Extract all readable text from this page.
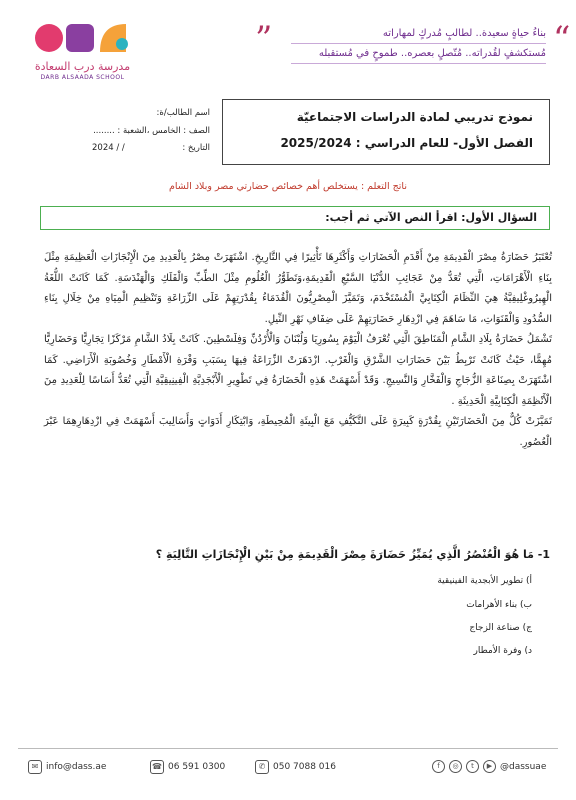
مدرسة درب السعادة
DARB ALSAADA SCHOOL
”	“
بناءُ حياةٍ سعيدة.. لطالبٍ مُدركٍ لمهاراته
مُستكشفٍ لقُدراته.. مُتّصلٍ بعصره.. طموحٍ في مُستقبله
اسم الطالب/ة:
الصف : الخامس ،الشعبة : ........
التاريخ :
2024 / /
نموذج تدريبي لمادة الدراسات الاجتماعيّة
الفصل الأول- للعام الدراسي : 2025/2024
ناتج التعلم : يستخلص أهم خصائص حضارتي مصر وبلاد الشام
السؤال الأول: اقرأ النص الآتي ثم أجب:

تُعْتَبَرُ حَضَارَةُ مِصْرَ الْقَدِيمَةِ مِنْ أَقْدَمِ الْحَضَارَاتِ وَأَكْثَرِهَا تَأْثِيرًا فِي التَّارِيخِ. اشْتَهَرَتْ مِصْرُ بِالْعَدِيدِ مِنَ الْإِنْجَازَاتِ الْعَظِيمَةِ مِثْلَ بِنَاءِ الْأَهْرَامَاتِ، الَّتِي تُعَدُّ مِنْ عَجَائِبِ الدُّنْيَا السَّبْعِ الْقَدِيمَةِ،وَتَطَوُّرُ الْعُلُومِ مِثْلَ الطِّبِّ وَالْفَلَكِ وَالْهَنْدَسَةِ. كَمَا كَانَتْ اللُّغَةُ الْهِيرُوغْلِيفِيَّةُ هِيَ النِّظَامَ الْكِتَابِيَّ الْمُسْتَخْدَمَ، وَتَمَيَّزَ الْمِصْرِيُّونَ الْقُدَمَاءُ بِقُدْرَتِهِمْ عَلَى الزِّرَاعَةِ وَتَنْظِيمِ الْمِيَاهِ مِنْ خِلَالِ بِنَاءِ السُّدُودِ وَالْقَنَوَاتِ، مَا سَاهَمَ فِي ازْدِهَارِ حَضَارَتِهِمْ عَلَى ضِفَافِ نَهْرِ النِّيلِ.

تَشْمَلُ حَضَارَةُ بِلَادِ الشَّامِ الْمَنَاطِقَ الَّتِي تُعْرَفُ الْيَوْمَ بِسُورِيَا وَلُبْنَانَ وَالْأُرْدُنِّ وَفِلَسْطِينَ. كَانَتْ بِلَادُ الشَّامِ مَرْكَزًا تِجَارِيًّا وَحَضَارِيًّا مُهِمًّا، حَيْثُ كَانَتْ تَرْبِطُ بَيْنَ حَضَارَاتِ الشَّرْقِ وَالْغَرْبِ. ازْدَهَرَتْ الزِّرَاعَةُ فِيهَا بِسَبَبِ وَفْرَةِ الْأَمْطَارِ وَخُصُوبَةِ الْأَرَاضِي. كَمَا اشْتَهَرَتْ بِصِنَاعَةِ الزُّجَاجِ وَالْفَخَّارِ وَالنَّسِيجِ. وَقَدْ أَسْهَمَتْ هَذِهِ الْحَضَارَةُ فِي تَطْوِيرِ الْأَبْجَدِيَّةِ الْفِينِيقِيَّةِ الَّتِي تُعَدُّ أَسَاسًا لِلْعَدِيدِ مِنَ الْأَنْظِمَةِ الْكِتَابِيَّةِ الْحَدِيثَةِ .

تَمَيَّزَتْ كُلٌّ مِنَ الْحَضَارَتَيْنِ بِقُدْرَةٍ كَبِيرَةٍ عَلَى التَّكَيُّفِ مَعَ الْبِيئَةِ الْمُحِيطَةِ، وَابْتِكَارِ أَدَوَاتٍ وَأَسَالِيبَ أَسْهَمَتْ فِي ازْدِهَارِهِمَا عَبْرَ الْعُصُورِ.

1- مَا هُوَ الْعُنْصُرُ الَّذِي يُمَيِّزُ حَضَارَةَ مِصْرَ الْقَدِيمَةِ مِنْ بَيْنِ الْإِنْجَازَاتِ التَّالِيَةِ ؟
أ) تطوير الأبجدية الفينيقية
ب) بناء الأهرامات
ج) صناعة الزجاج
د) وفرة الأمطار
✉ info@dass.ae	☎ 06 591 0300	✆ 050 7088 016	f	◎	t	▶ @dassuae
